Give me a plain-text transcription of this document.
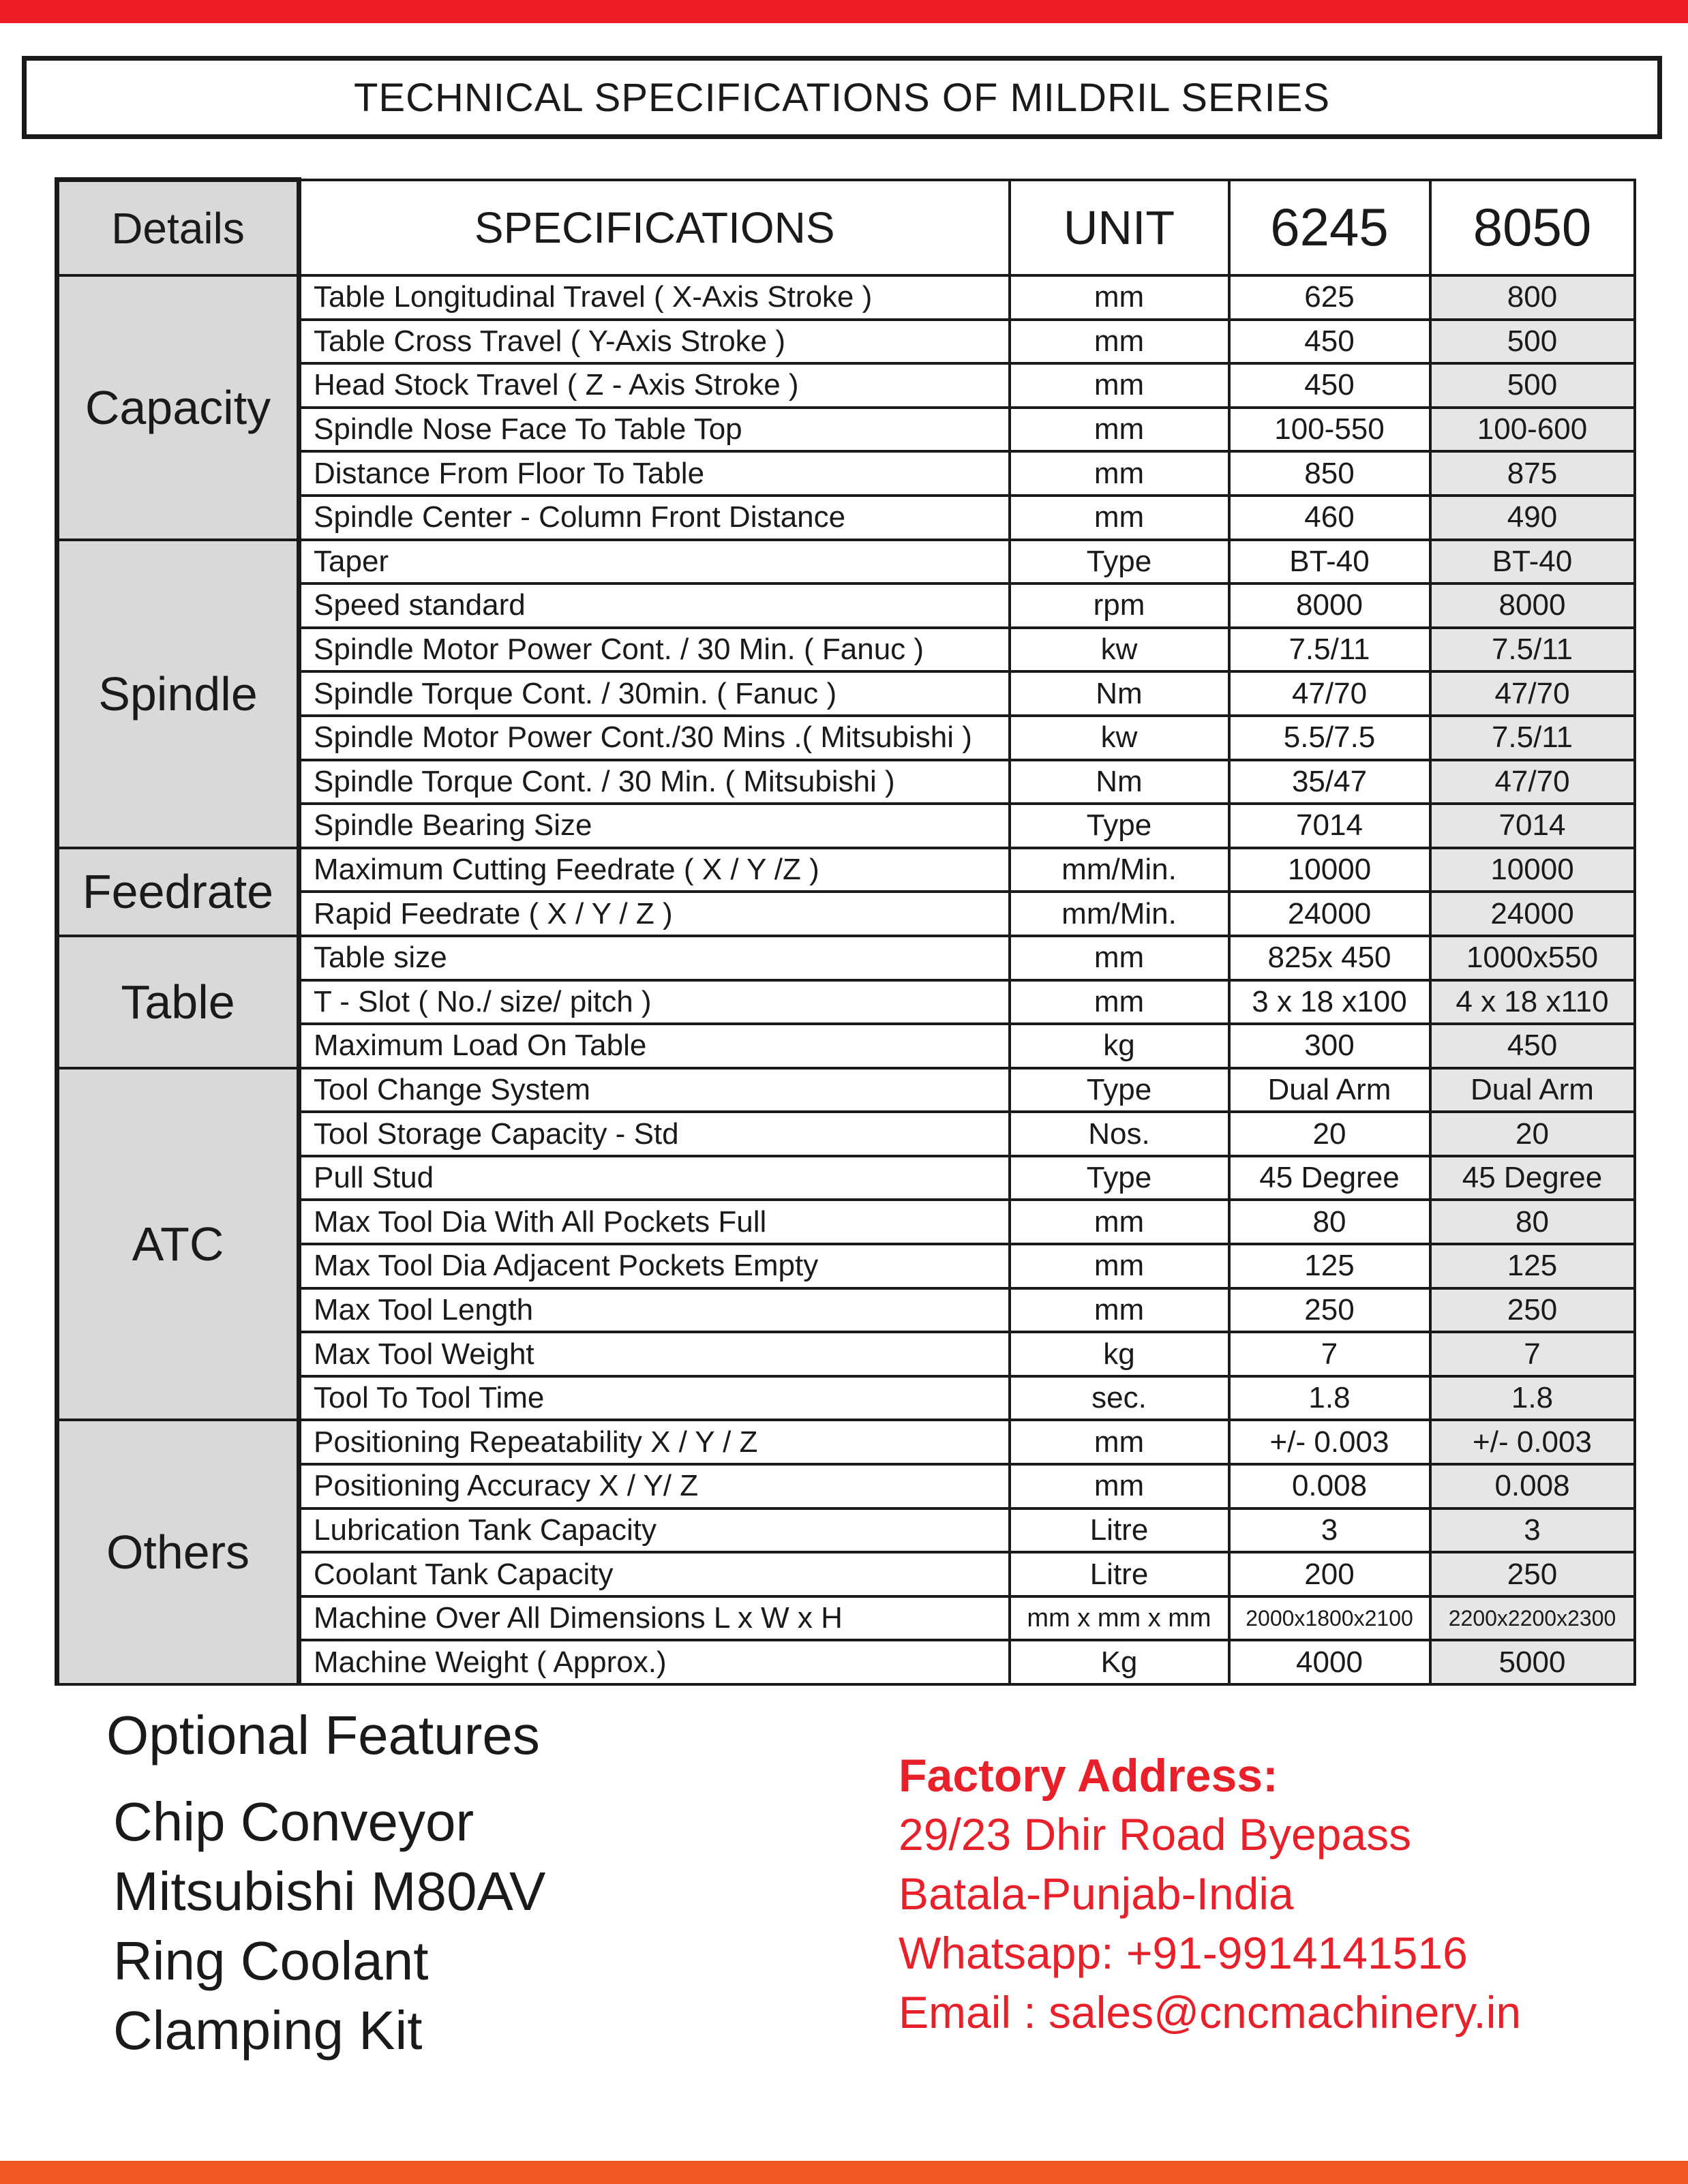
TECHNICAL SPECIFICATIONS OF MILDRIL SERIES
Details	SPECIFICATIONS	UNIT	6245	8050
Capacity	Table Longitudinal Travel ( X-Axis Stroke )	mm	625	800
	Table Cross Travel ( Y-Axis Stroke )	mm	450	500
	Head Stock Travel ( Z - Axis Stroke )	mm	450	500
	Spindle Nose Face To Table Top	mm	100-550	100-600
	Distance From Floor To Table	mm	850	875
	Spindle Center - Column Front Distance	mm	460	490
Spindle	Taper	Type	BT-40	BT-40
	Speed standard	rpm	8000	8000
	Spindle Motor Power Cont. / 30 Min. ( Fanuc )	kw	7.5/11	7.5/11
	Spindle Torque Cont. / 30min. ( Fanuc )	Nm	47/70	47/70
	Spindle Motor Power Cont./30 Mins .( Mitsubishi )	kw	5.5/7.5	7.5/11
	Spindle Torque Cont. / 30 Min. ( Mitsubishi )	Nm	35/47	47/70
	Spindle Bearing Size	Type	7014	7014
Feedrate	Maximum Cutting Feedrate ( X / Y /Z )	mm/Min.	10000	10000
	Rapid Feedrate ( X / Y / Z )	mm/Min.	24000	24000
Table	Table size	mm	825x 450	1000x550
	T - Slot ( No./ size/ pitch )	mm	3 x 18 x100	4 x 18 x110
	Maximum Load On Table	kg	300	450
ATC	Tool Change System	Type	Dual Arm	Dual Arm
	Tool Storage Capacity - Std	Nos.	20	20
	Pull Stud	Type	45 Degree	45 Degree
	Max Tool Dia With All Pockets Full	mm	80	80
	Max Tool Dia Adjacent Pockets Empty	mm	125	125
	Max Tool Length	mm	250	250
	Max Tool Weight	kg	7	7
	Tool To Tool Time	sec.	1.8	1.8
Others	Positioning Repeatability X / Y / Z	mm	+/- 0.003	+/- 0.003
	Positioning Accuracy X / Y/ Z	mm	0.008	0.008
	Lubrication Tank Capacity	Litre	3	3
	Coolant Tank Capacity	Litre	200	250
	Machine Over All Dimensions L x W x H	mm x mm x mm	2000x1800x2100	2200x2200x2300
	Machine Weight ( Approx.)	Kg	4000	5000
Optional Features
Chip Conveyor
Mitsubishi M80AV
Ring Coolant
Clamping Kit
Factory Address:
29/23 Dhir Road Byepass
Batala-Punjab-India
Whatsapp: +91-9914141516
Email : sales@cncmachinery.in
